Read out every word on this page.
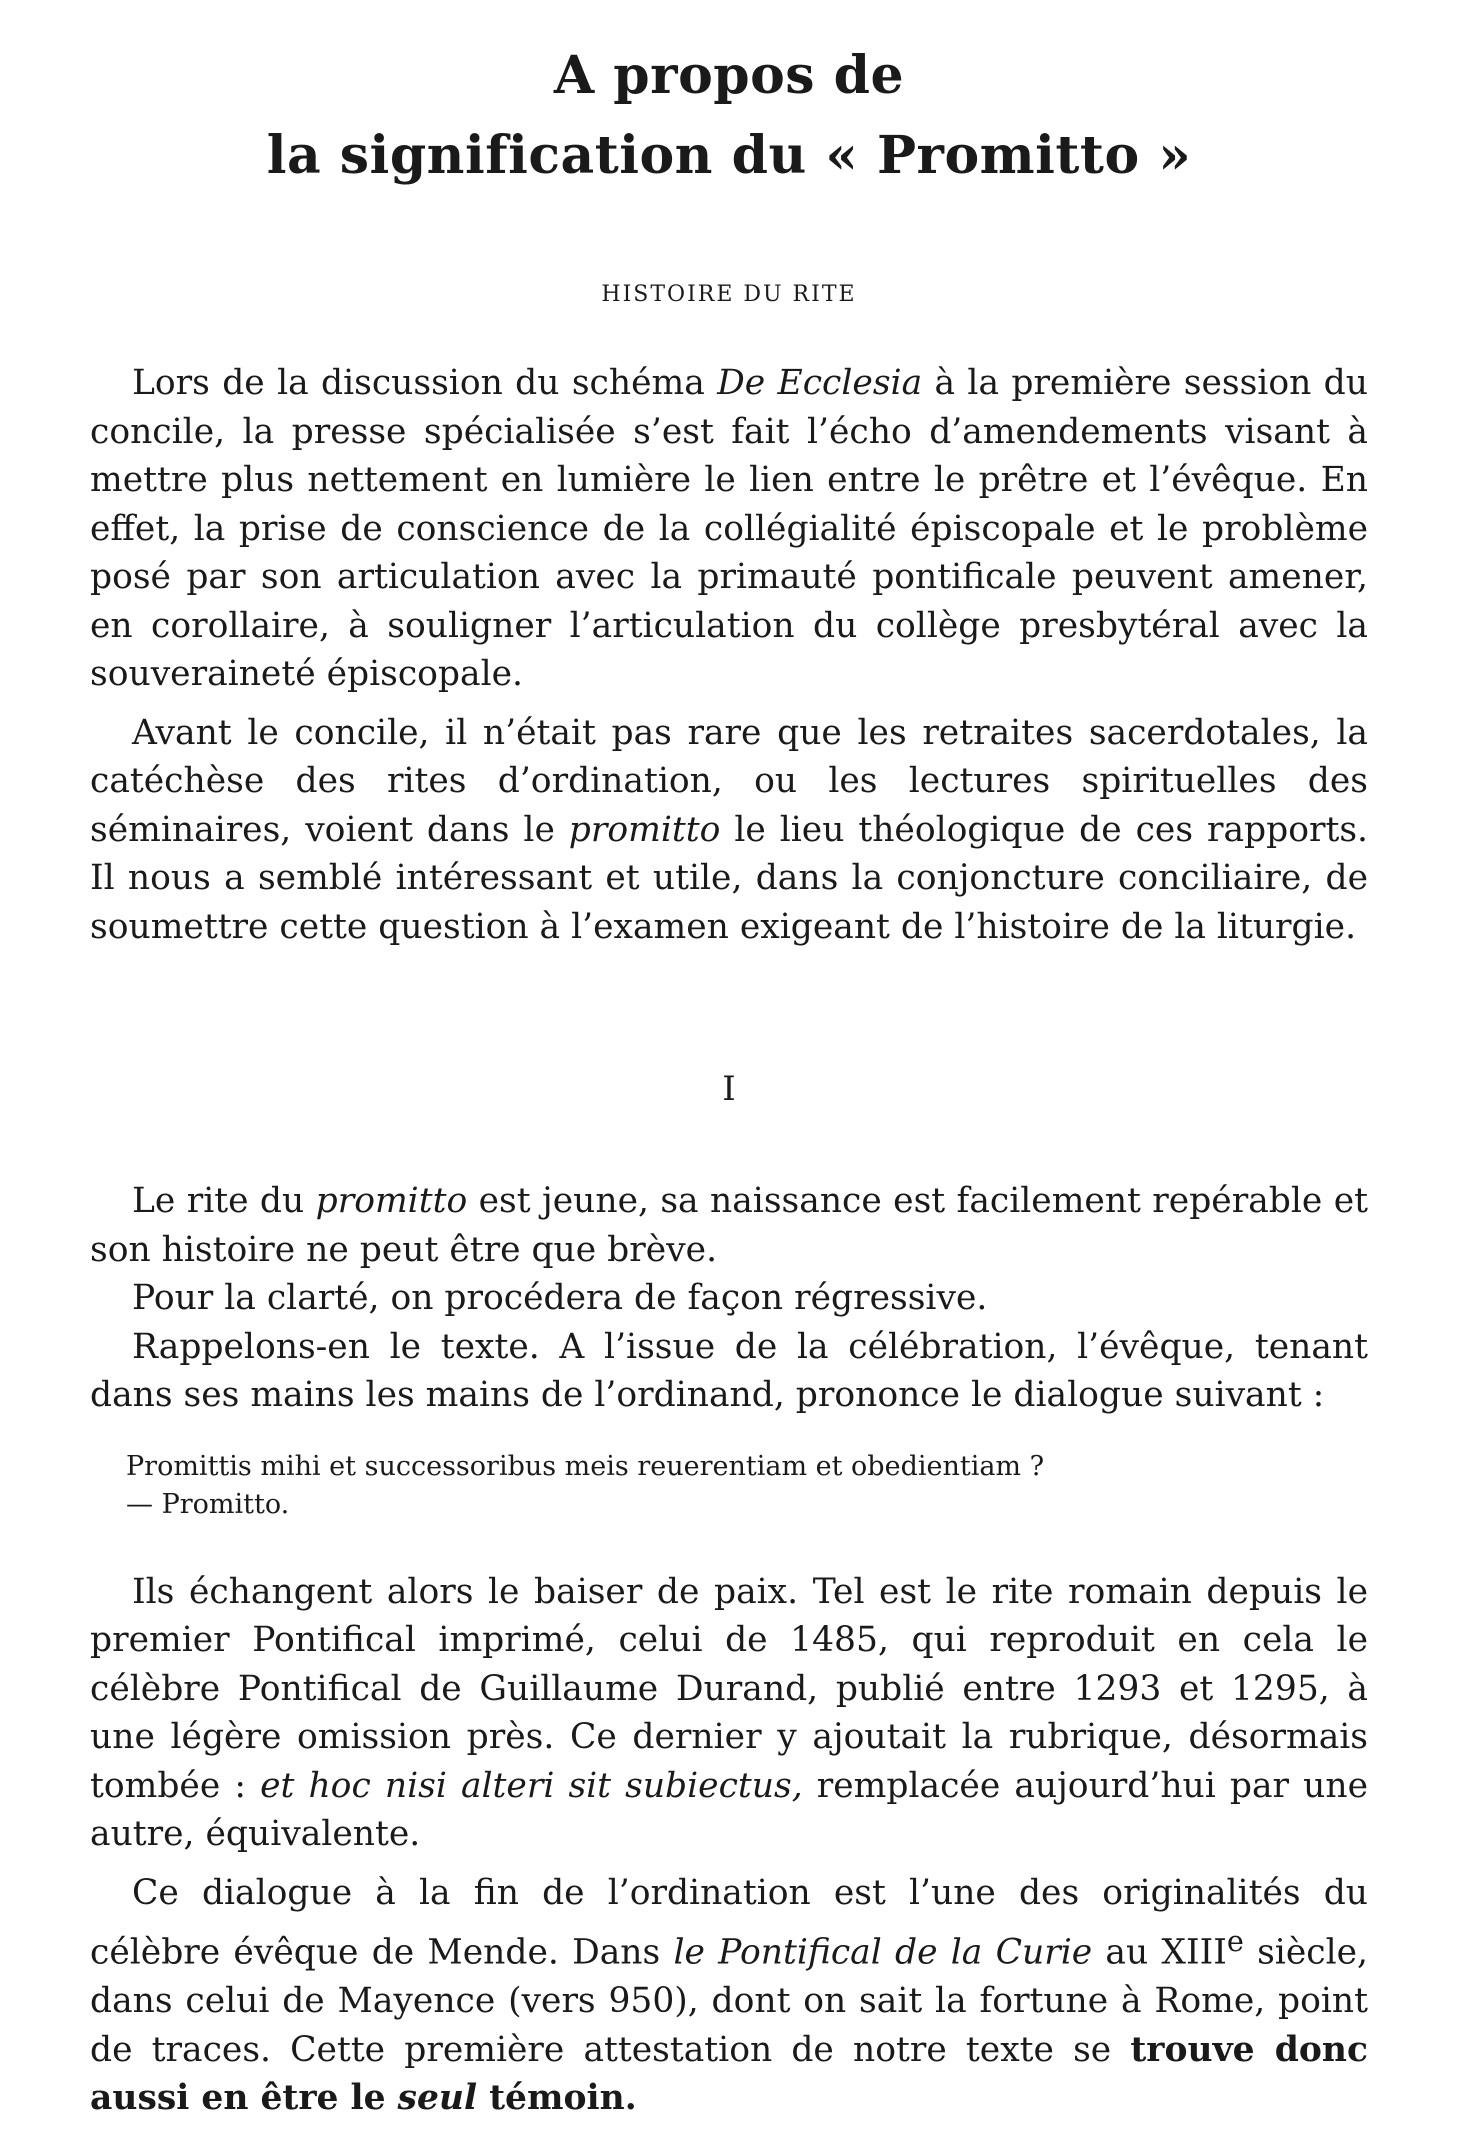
A propos de
la signification du « Promitto »
HISTOIRE DU RITE

Lors de la discussion du schéma De Ecclesia à la première session du concile, la presse spécialisée s’est fait l’écho d’amendements visant à mettre plus nettement en lumière le lien entre le prêtre et l’évêque. En effet, la prise de conscience de la collégialité épiscopale et le problème posé par son articulation avec la primauté pontificale peuvent amener, en corollaire, à souligner l’articulation du collège presbytéral avec la souveraineté épiscopale.

Avant le concile, il n’était pas rare que les retraites sacerdotales, la catéchèse des rites d’ordination, ou les lectures spirituelles des séminaires, voient dans le promitto le lieu théologique de ces rapports. Il nous a semblé intéressant et utile, dans la conjoncture conciliaire, de soumettre cette question à l’examen exigeant de l’histoire de la liturgie.

I

Le rite du promitto est jeune, sa naissance est facilement repérable et son histoire ne peut être que brève.

Pour la clarté, on procédera de façon régressive.

Rappelons-en le texte. A l’issue de la célébration, l’évêque, tenant dans ses mains les mains de l’ordinand, prononce le dialogue suivant :

Promittis mihi et successoribus meis reuerentiam et obedientiam ?
— Promitto.

Ils échangent alors le baiser de paix. Tel est le rite romain depuis le premier Pontifical imprimé, celui de 1485, qui reproduit en cela le célèbre Pontifical de Guillaume Durand, publié entre 1293 et 1295, à une légère omission près. Ce dernier y ajoutait la rubrique, désormais tombée : et hoc nisi alteri sit subiectus, remplacée aujourd’hui par une autre, équivalente.

Ce dialogue à la fin de l’ordination est l’une des originalités du célèbre évêque de Mende. Dans le Pontifical de la Curie au XIIIe siècle, dans celui de Mayence (vers 950), dont on sait la fortune à Rome, point de traces. Cette première attestation de notre texte se trouve donc aussi en être le seul témoin.
